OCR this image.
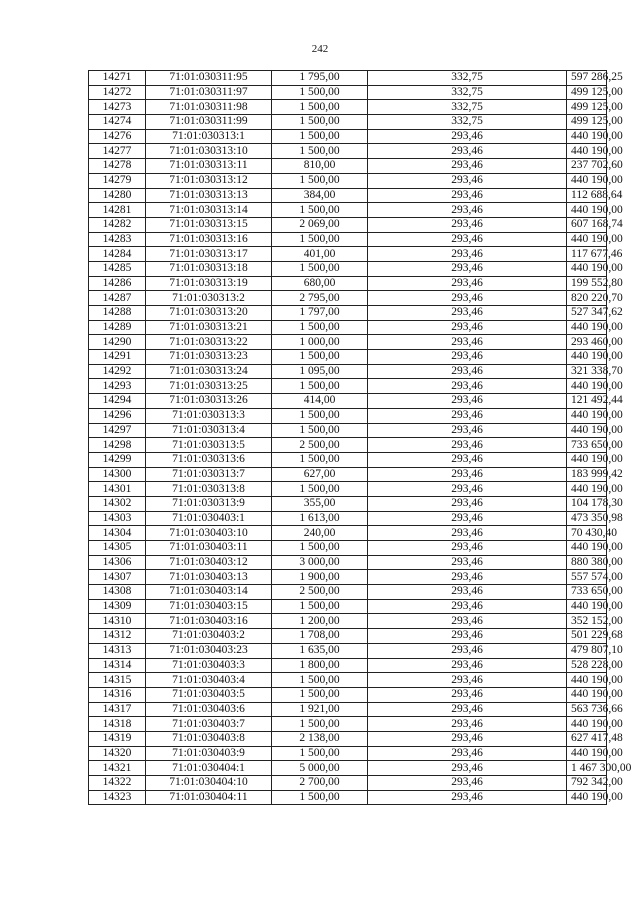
242
14271	71:01:030311:95	1 795,00	332,75	597 286,25
14272	71:01:030311:97	1 500,00	332,75	499 125,00
14273	71:01:030311:98	1 500,00	332,75	499 125,00
14274	71:01:030311:99	1 500,00	332,75	499 125,00
14276	71:01:030313:1	1 500,00	293,46	440 190,00
14277	71:01:030313:10	1 500,00	293,46	440 190,00
14278	71:01:030313:11	810,00	293,46	237 702,60
14279	71:01:030313:12	1 500,00	293,46	440 190,00
14280	71:01:030313:13	384,00	293,46	112 688,64
14281	71:01:030313:14	1 500,00	293,46	440 190,00
14282	71:01:030313:15	2 069,00	293,46	607 168,74
14283	71:01:030313:16	1 500,00	293,46	440 190,00
14284	71:01:030313:17	401,00	293,46	117 677,46
14285	71:01:030313:18	1 500,00	293,46	440 190,00
14286	71:01:030313:19	680,00	293,46	199 552,80
14287	71:01:030313:2	2 795,00	293,46	820 220,70
14288	71:01:030313:20	1 797,00	293,46	527 347,62
14289	71:01:030313:21	1 500,00	293,46	440 190,00
14290	71:01:030313:22	1 000,00	293,46	293 460,00
14291	71:01:030313:23	1 500,00	293,46	440 190,00
14292	71:01:030313:24	1 095,00	293,46	321 338,70
14293	71:01:030313:25	1 500,00	293,46	440 190,00
14294	71:01:030313:26	414,00	293,46	121 492,44
14296	71:01:030313:3	1 500,00	293,46	440 190,00
14297	71:01:030313:4	1 500,00	293,46	440 190,00
14298	71:01:030313:5	2 500,00	293,46	733 650,00
14299	71:01:030313:6	1 500,00	293,46	440 190,00
14300	71:01:030313:7	627,00	293,46	183 999,42
14301	71:01:030313:8	1 500,00	293,46	440 190,00
14302	71:01:030313:9	355,00	293,46	104 178,30
14303	71:01:030403:1	1 613,00	293,46	473 350,98
14304	71:01:030403:10	240,00	293,46	70 430,40
14305	71:01:030403:11	1 500,00	293,46	440 190,00
14306	71:01:030403:12	3 000,00	293,46	880 380,00
14307	71:01:030403:13	1 900,00	293,46	557 574,00
14308	71:01:030403:14	2 500,00	293,46	733 650,00
14309	71:01:030403:15	1 500,00	293,46	440 190,00
14310	71:01:030403:16	1 200,00	293,46	352 152,00
14312	71:01:030403:2	1 708,00	293,46	501 229,68
14313	71:01:030403:23	1 635,00	293,46	479 807,10
14314	71:01:030403:3	1 800,00	293,46	528 228,00
14315	71:01:030403:4	1 500,00	293,46	440 190,00
14316	71:01:030403:5	1 500,00	293,46	440 190,00
14317	71:01:030403:6	1 921,00	293,46	563 736,66
14318	71:01:030403:7	1 500,00	293,46	440 190,00
14319	71:01:030403:8	2 138,00	293,46	627 417,48
14320	71:01:030403:9	1 500,00	293,46	440 190,00
14321	71:01:030404:1	5 000,00	293,46	1 467 300,00
14322	71:01:030404:10	2 700,00	293,46	792 342,00
14323	71:01:030404:11	1 500,00	293,46	440 190,00
